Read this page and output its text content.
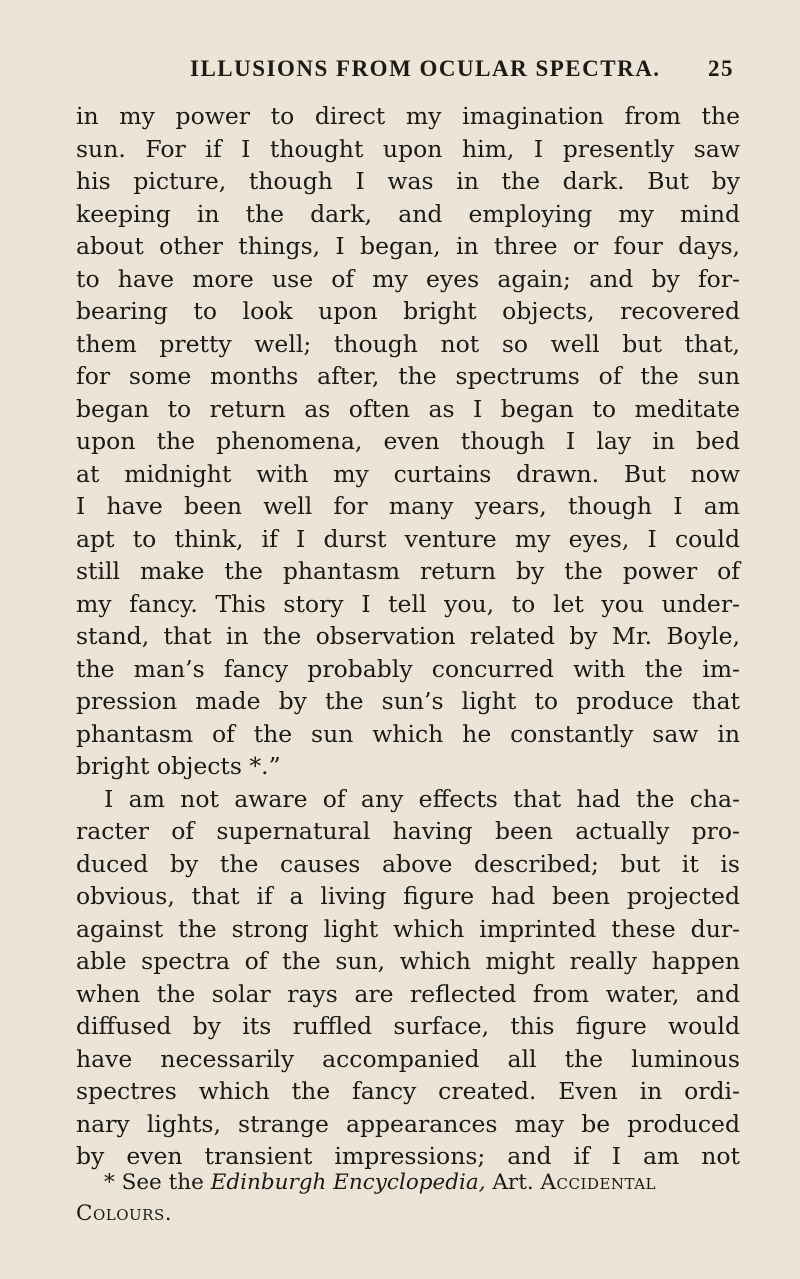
ILLUSIONS FROM OCULAR SPECTRA. 25
in my power to direct my imagination from the
sun. For if I thought upon him, I presently saw
his picture, though I was in the dark. But by
keeping in the dark, and employing my mind
about other things, I began, in three or four days,
to have more use of my eyes again; and by for-
bearing to look upon bright objects, recovered
them pretty well; though not so well but that,
for some months after, the spectrums of the sun
began to return as often as I began to meditate
upon the phenomena, even though I lay in bed
at midnight with my curtains drawn. But now
I have been well for many years, though I am
apt to think, if I durst venture my eyes, I could
still make the phantasm return by the power of
my fancy. This story I tell you, to let you under-
stand, that in the observation related by Mr. Boyle,
the man’s fancy probably concurred with the im-
pression made by the sun’s light to produce that
phantasm of the sun which he constantly saw in
bright objects *.”
I am not aware of any effects that had the cha-
racter of supernatural having been actually pro-
duced by the causes above described; but it is
obvious, that if a living figure had been projected
against the strong light which imprinted these dur-
able spectra of the sun, which might really happen
when the solar rays are reflected from water, and
diffused by its ruffled surface, this figure would
have necessarily accompanied all the luminous
spectres which the fancy created. Even in ordi-
nary lights, strange appearances may be produced
by even transient impressions; and if I am not
* See the Edinburgh Encyclopedia, Art. Accidental
Colours.
